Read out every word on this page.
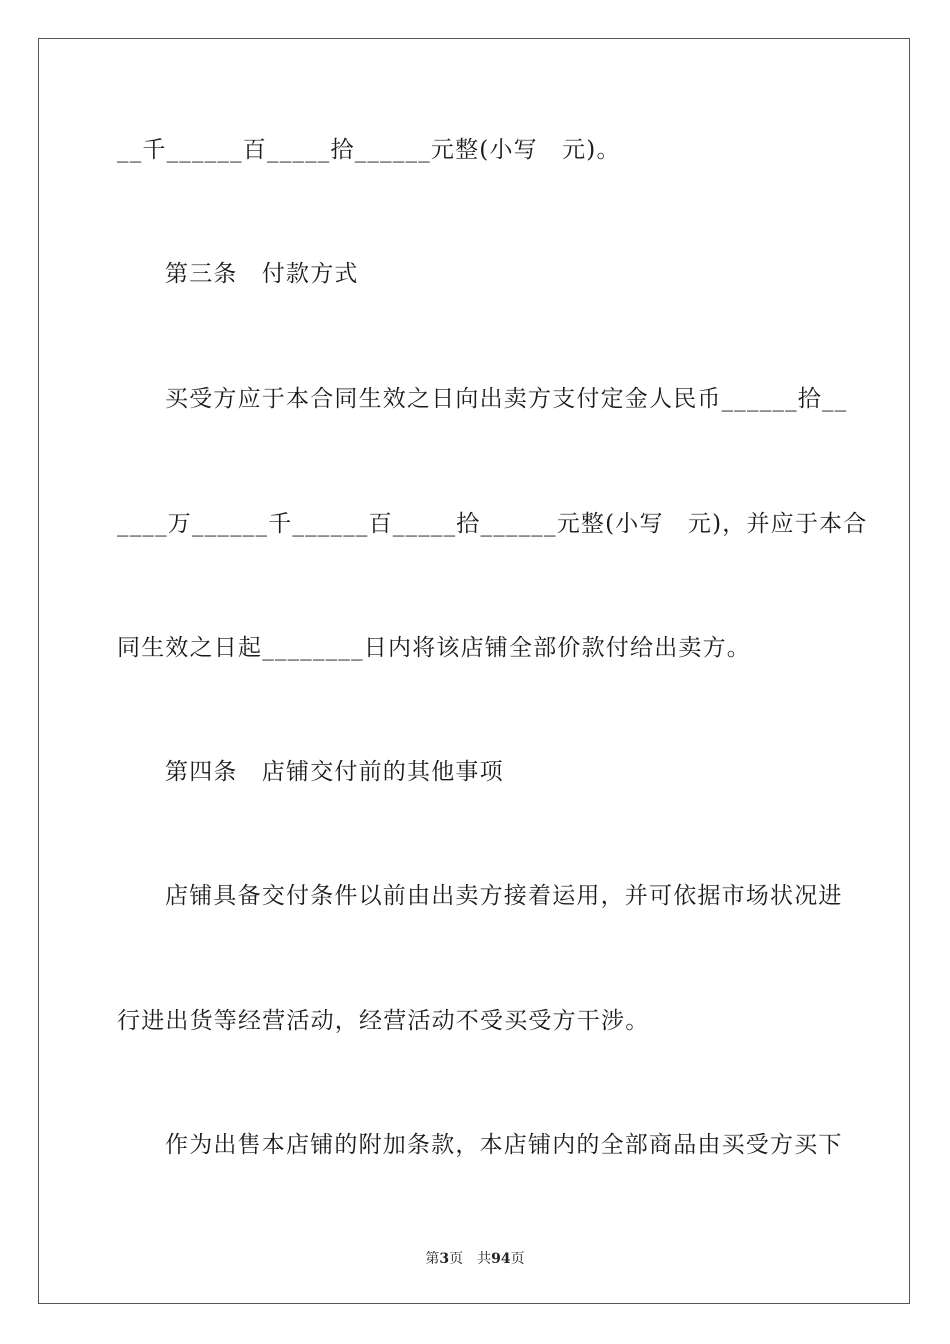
__千______百_____拾______元整(小写　元)。
第三条　付款方式
买受方应于本合同生效之日向出卖方支付定金人民币______拾__
____万______千______百_____拾______元整(小写　元)，并应于本合
同生效之日起________日内将该店铺全部价款付给出卖方。
第四条　店铺交付前的其他事项
店铺具备交付条件以前由出卖方接着运用，并可依据市场状况进
行进出货等经营活动，经营活动不受买受方干涉。
作为出售本店铺的附加条款，本店铺内的全部商品由买受方买下
第3页　共94页
